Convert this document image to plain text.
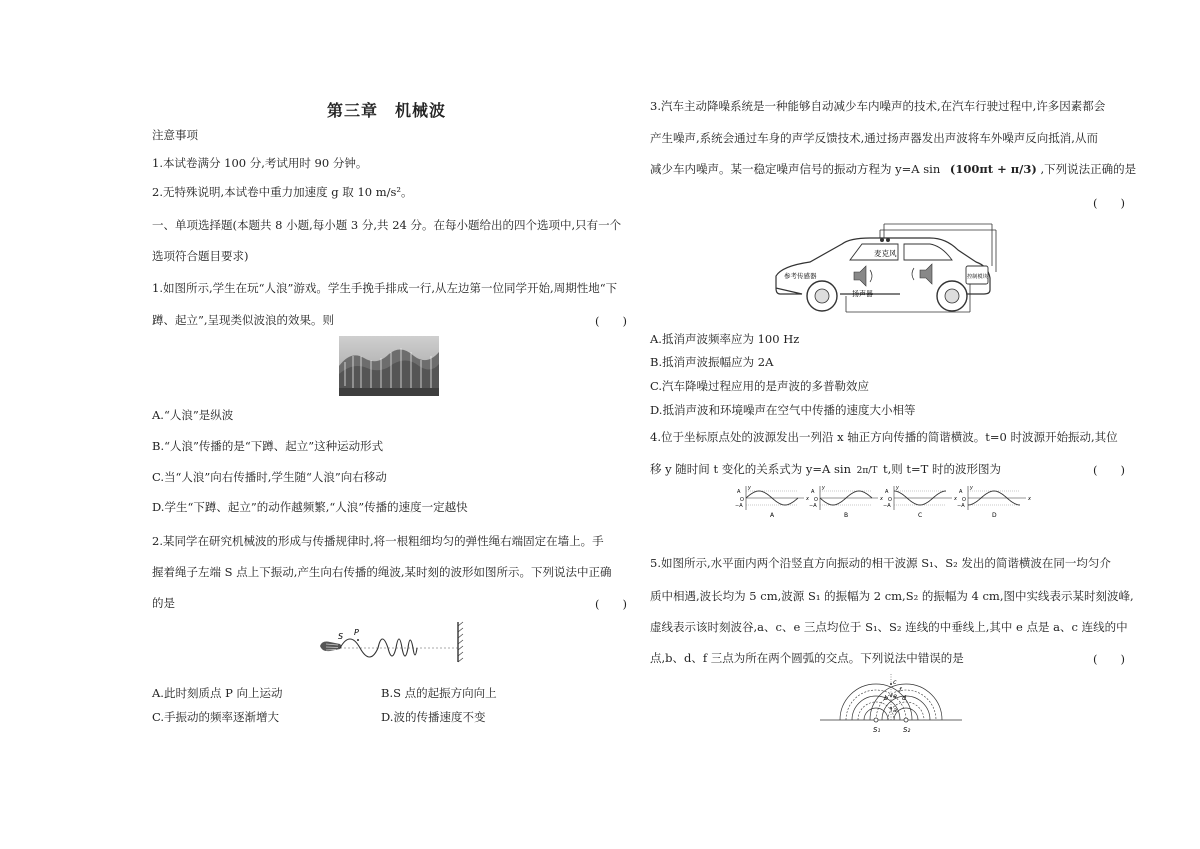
第三章　机械波
注意事项
1.本试卷满分 100 分,考试用时 90 分钟。
2.无特殊说明,本试卷中重力加速度 g 取 10 m/s²。
一、单项选择题(本题共 8 小题,每小题 3 分,共 24 分。在每小题给出的四个选项中,只有一个
选项符合题目要求)
1.如图所示,学生在玩“人浪”游戏。学生手挽手排成一行,从左边第一位同学开始,周期性地“下
蹲、起立”,呈现类似波浪的效果。则	(　　)
A.“人浪”是纵波
B.“人浪”传播的是“下蹲、起立”这种运动形式
C.当“人浪”向右传播时,学生随“人浪”向右移动
D.学生“下蹲、起立”的动作越频繁,“人浪”传播的速度一定越快
2.某同学在研究机械波的形成与传播规律时,将一根粗细均匀的弹性绳右端固定在墙上。手
握着绳子左端 S 点上下振动,产生向右传播的绳波,某时刻的波形如图所示。下列说法中正确
的是	(　　)
S P
A.此时刻质点 P 向上运动	B.S 点的起振方向向上
C.手振动的频率逐渐增大	D.波的传播速度不变
3.汽车主动降噪系统是一种能够自动减少车内噪声的技术,在汽车行驶过程中,许多因素都会
产生噪声,系统会通过车身的声学反馈技术,通过扬声器发出声波将车外噪声反向抵消,从而
减少车内噪声。某一稳定噪声信号的振动方程为 y=A sin (100πt + π/3) ,下列说法正确的是
(　　)
控制模块
麦克风
参考传感器
扬声器
A.抵消声波频率应为 100 Hz
B.抵消声波振幅应为 2A
C.汽车降噪过程应用的是声波的多普勒效应
D.抵消声波和环境噪声在空气中传播的速度大小相等
4.位于坐标原点处的波源发出一列沿 x 轴正方向传播的简谐横波。t=0 时波源开始振动,其位
移 y 随时间 t 变化的关系式为 y=A sin 2π/T t,则 t=T 时的波形图为	(　　)
A
−A
x
y
O
A
A
−A
x
y
O
B
A
−A
x
y
O
C
A
−A
x
y
O
D
5.如图所示,水平面内两个沿竖直方向振动的相干波源 S₁、S₂ 发出的简谐横波在同一均匀介
质中相遇,波长均为 5 cm,波源 S₁ 的振幅为 2 cm,S₂ 的振幅为 4 cm,图中实线表示某时刻波峰,
虚线表示该时刻波谷,a、c、e 三点均位于 S₁、S₂ 连线的中垂线上,其中 e 点是 a、c 连线的中
点,b、d、f 三点为所在两个圆弧的交点。下列说法中错误的是	(　　)
S₁	S₂
a
b
c
d
e
f
